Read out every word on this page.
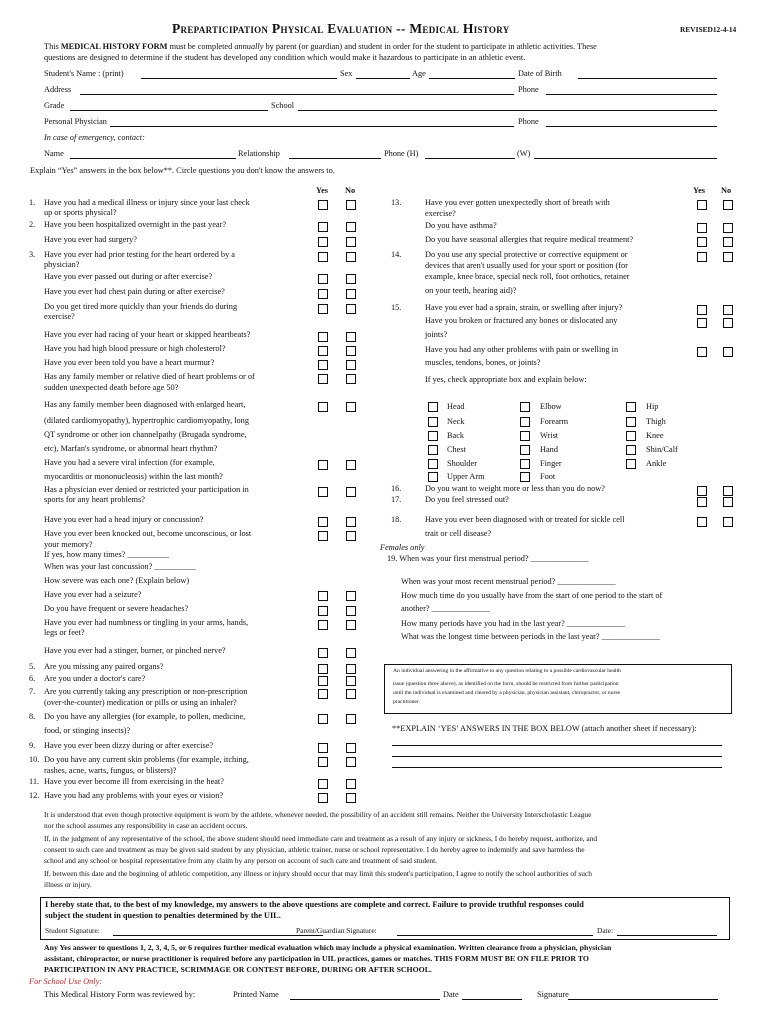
Preparticipation Physical Evaluation -- Medical History	REVISED12-4-14
This MEDICAL HISTORY FORM must be completed annually by parent (or guardian) and student in order for the student to participate in athletic activities. These
questions are designed to determine if the student has developed any condition which would make it hazardous to participate in an athletic event.
Student's Name : (print)	Sex	Age	Date of Birth
Address	Phone
Grade	School
Personal Physician	Phone
In case of emergency, contact:
Name	Relationship	Phone (H)	(W)
Explain “Yes” answers in the box below**. Circle questions you don't know the answers to.
Yes No	Yes No
1. Have you had a medical illness or injury since your last check
up or sports physical?
2. Have you been hospitalized overnight in the past year?
Have you ever had surgery?
3. Have you ever had prior testing for the heart ordered by a
physician?
Have you ever passed out during or after exercise?
Have you ever had chest pain during or after exercise?
Do you get tired more quickly than your friends do during
exercise?
Have you ever had racing of your heart or skipped heartbeats?
Have you had high blood pressure or high cholesterol?
Have you ever been told you have a heart murmur?
Has any family member or relative died of heart problems or of
sudden unexpected death before age 50?
Has any family member been diagnosed with enlarged heart,
(dilated cardiomyopathy), hypertrophic cardiomyopathy, long
QT syndrome or other ion channelpathy (Brugada syndrome,
etc), Marfan's syndrome, or abnormal heart rhythm?
Have you had a severe viral infection (for example,
myocarditis or mononucleosis) within the last month?
Has a physician ever denied or restricted your participation in
sports for any heart problems?
Have you ever had a head injury or concussion?
Have you ever been knocked out, become unconscious, or lost
your memory?
If yes, how many times? __________
When was your last concussion? __________
How severe was each one? (Explain below)
Have you ever had a seizure?
Do you have frequent or severe headaches?
Have you ever had numbness or tingling in your arms, hands,
legs or feet?
Have you ever had a stinger, burner, or pinched nerve?
5. Are you missing any paired organs?
6. Are you under a doctor's care?
7. Are you currently taking any prescription or non-prescription
(over-the-counter) medication or pills or using an inhaler?
8. Do you have any allergies (for example, to pollen, medicine,
food, or stinging insects)?
9. Have you ever been dizzy during or after exercise?
10. Do you have any current skin problems (for example, itching,
rashes, acne, warts, fungus, or blisters)?
11. Have you ever become ill from exercising in the heat?
12. Have you had any problems with your eyes or vision?
13.	Have you ever gotten unexpectedly short of breath with
exercise?
Do you have asthma?
Do you have seasonal allergies that require medical treatment?
14.	Do you use any special protective or corrective equipment or
devices that aren't usually used for your sport or position (for
example, knee brace, special neck roll, foot orthotics, retainer
on your teeth, hearing aid)?
15.	Have you ever had a sprain, strain, or swelling after injury?
Have you broken or fractured any bones or dislocated any
joints?
Have you had any other problems with pain or swelling in
muscles, tendons, bones, or joints?
If yes, check appropriate box and explain below:
16.	Do you want to weight more or less than you do now?
17.	Do you feel stressed out?
18.	Have you ever been diagnosed with or treated for sickle cell
trait or cell disease?
Head	Elbow	Hip
Neck	Forearm	Thigh
Back	Wrist	Knee
Chest	Hand	Shin/Calf
Shoulder	Finger	Ankle
Upper Arm	Foot
Females only
19. When was your first menstrual period? ______________
When was your most recent menstrual period? ______________
How much time do you usually have from the start of one period to the start of
another? ______________
How many periods have you had in the last year? ______________
What was the longest time between periods in the last year? ______________
An individual answering in the affirmative to any question relating to a possible cardiovascular health
issue (question three above), as identified on the form, should be restricted from further participation
until the individual is examined and cleared by a physician, physician assistant, chiropractor, or nurse
practitioner.
**EXPLAIN ‘YES’ ANSWERS IN THE BOX BELOW (attach another sheet if necessary):
It is understood that even though protective equipment is worn by the athlete, whenever needed, the possibility of an accident still remains. Neither the University Interscholastic League
nor the school assumes any responsibility in case an accident occurs.
If, in the judgment of any representative of the school, the above student should need immediate care and treatment as a result of any injury or sickness, I do hereby request, authorize, and
consent to such care and treatment as may be given said student by any physician, athletic trainer, nurse or school representative. I do hereby agree to indemnify and save harmless the
school and any school or hospital representative from any claim by any person on account of such care and treatment of said student.
If, between this date and the beginning of athletic competition, any illness or injury should occur that may limit this student's participation, I agree to notify the school authorities of such
illness or injury.
I hereby state that, to the best of my knowledge, my answers to the above questions are complete and correct. Failure to provide truthful responses could
subject the student in question to penalties determined by the UIL.
Student Signature:	Parent/Guardian Signature:	Date:
Any Yes answer to questions 1, 2, 3, 4, 5, or 6 requires further medical evaluation which may include a physical examination. Written clearance from a physician, physician
assistant, chiropractor, or nurse practitioner is required before any participation in UIL practices, games or matches. THIS FORM MUST BE ON FILE PRIOR TO
PARTICIPATION IN ANY PRACTICE, SCRIMMAGE OR CONTEST BEFORE, DURING OR AFTER SCHOOL.
For School Use Only:
This Medical History Form was reviewed by:	Printed Name	Date	Signature
